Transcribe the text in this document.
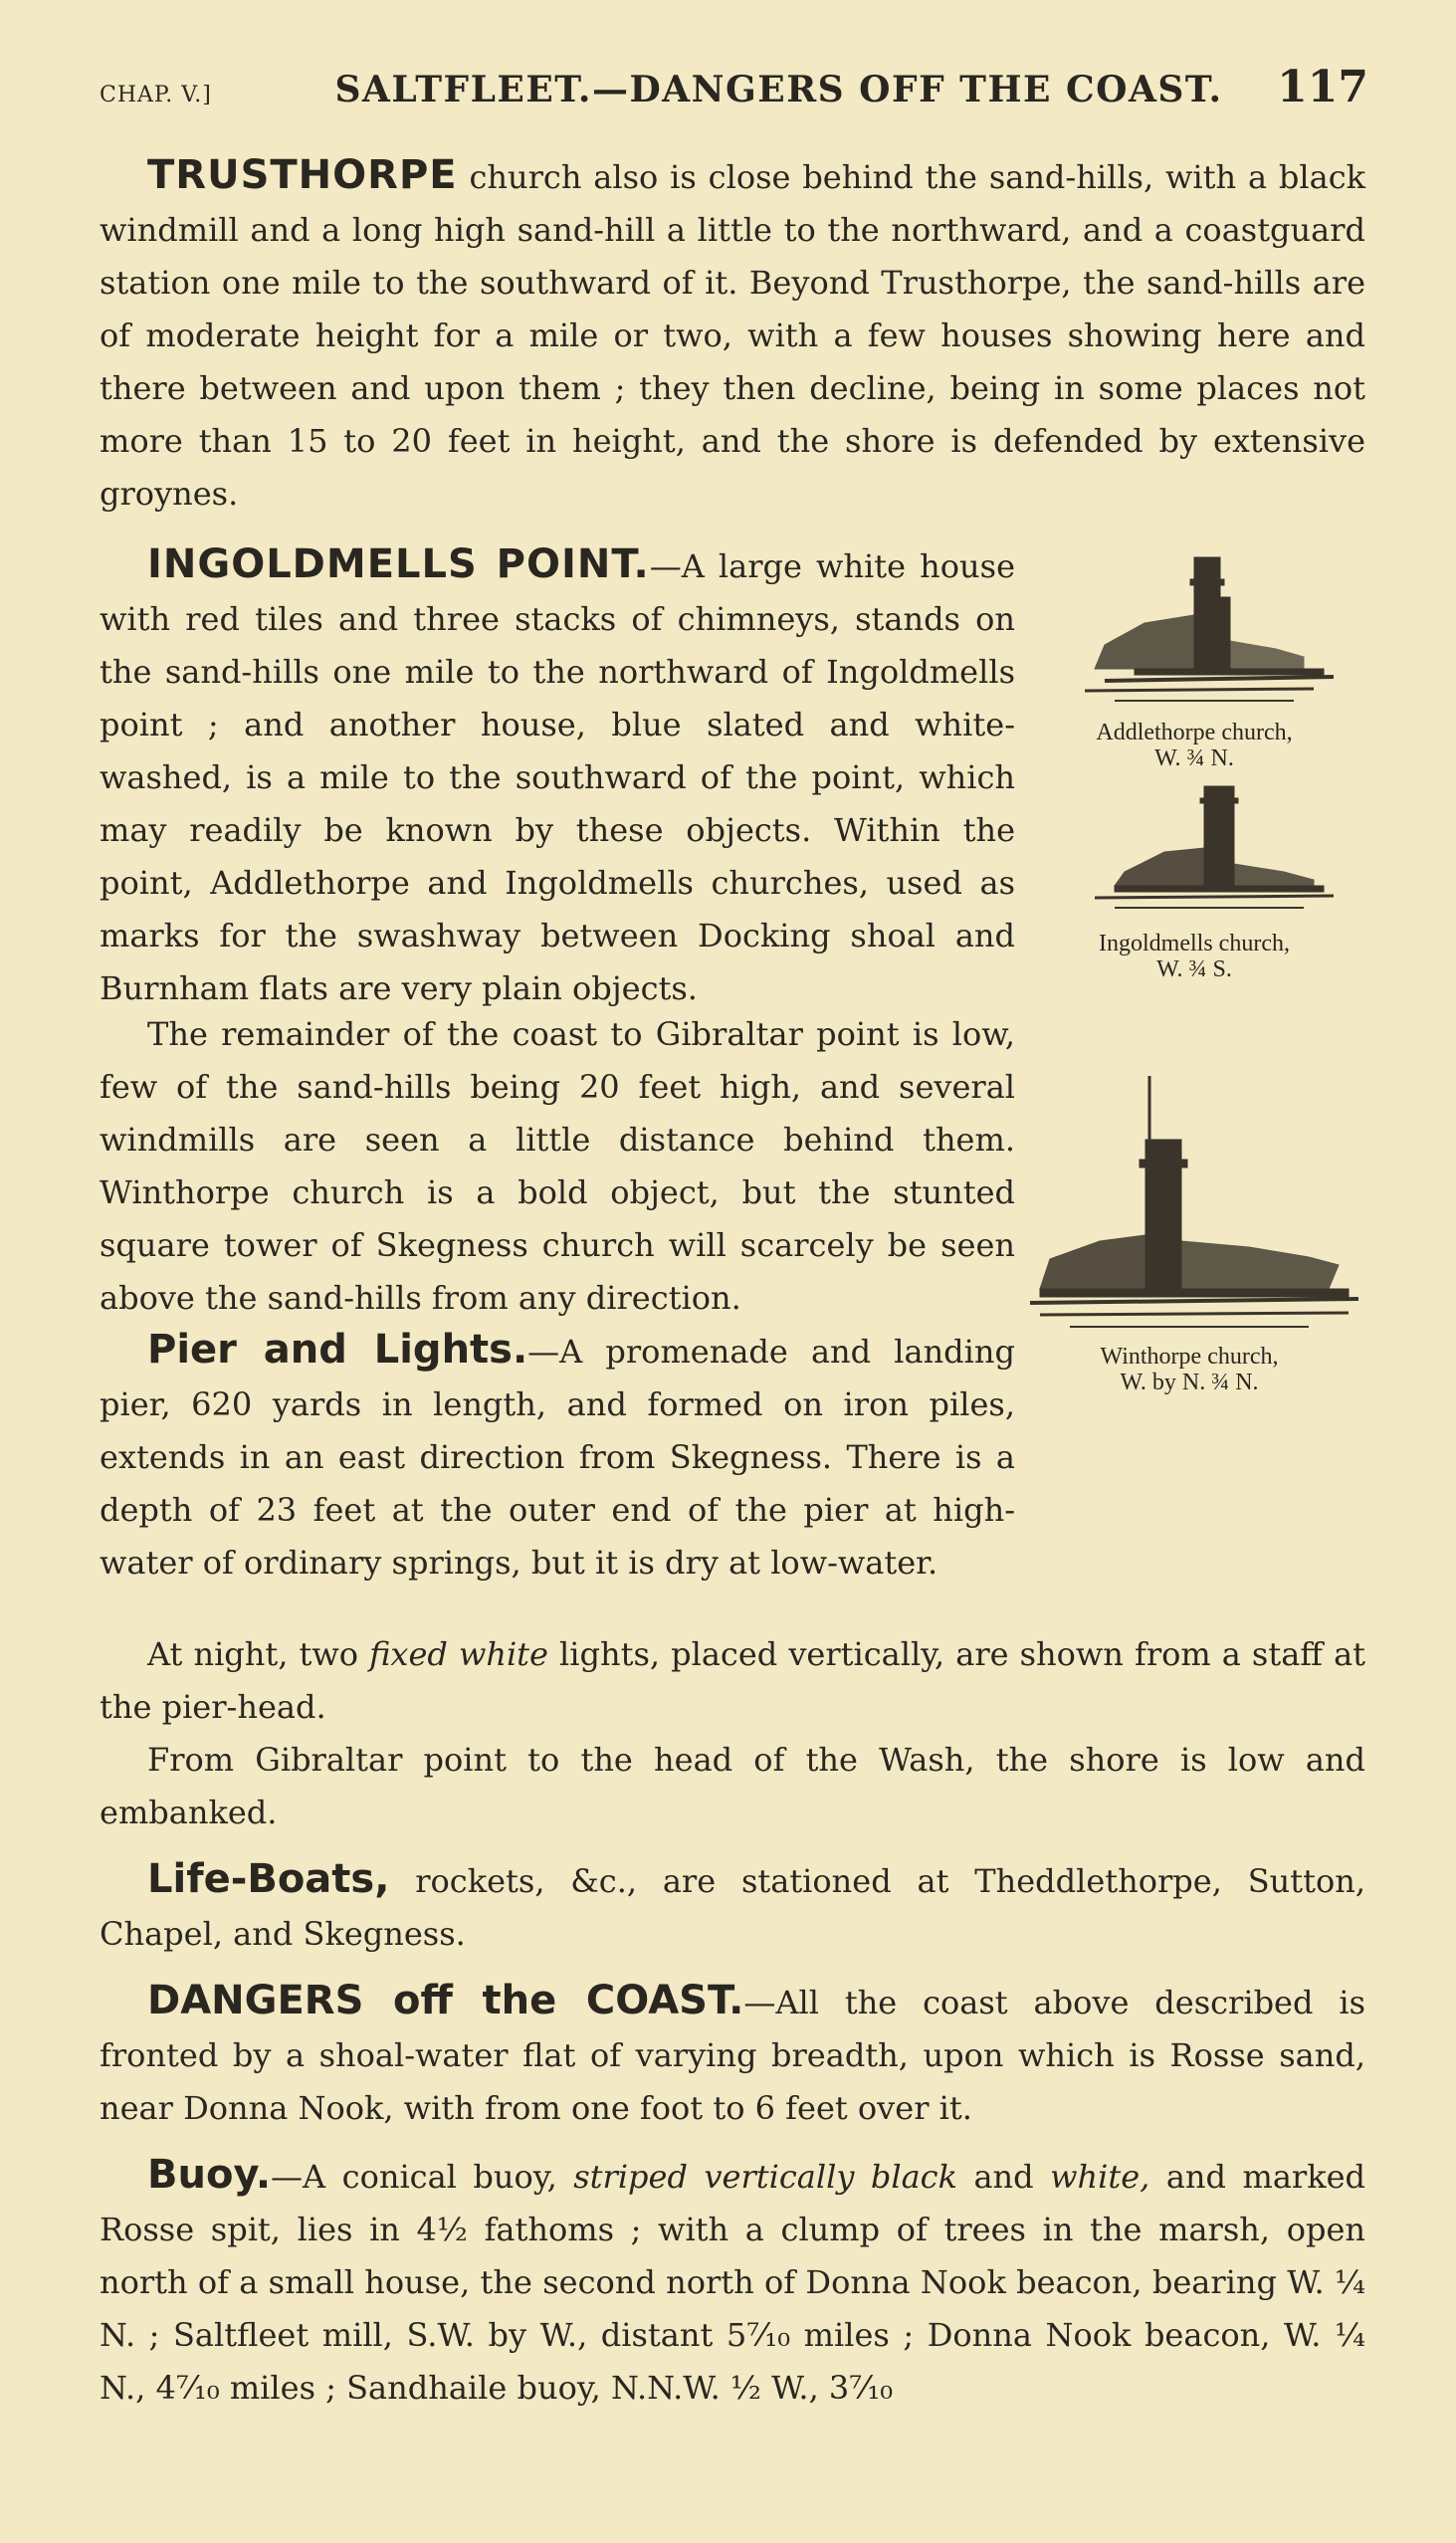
CHAP. V.]	SALTFLEET.—DANGERS OFF THE COAST.	117

TRUSTHORPE church also is close behind the sand-hills, with a black windmill and a long high sand-hill a little to the northward, and a coastguard station one mile to the southward of it. Beyond Trusthorpe, the sand-hills are of moderate height for a mile or two, with a few houses showing here and there between and upon them ; they then decline, being in some places not more than 15 to 20 feet in height, and the shore is defended by extensive groynes.

INGOLDMELLS POINT.—A large white house with red tiles and three stacks of chimneys, stands on the sand-hills one mile to the northward of Ingoldmells point ; and another house, blue slated and white-washed, is a mile to the southward of the point, which may readily be known by these objects. Within the point, Addlethorpe and Ingoldmells churches, used as marks for the swashway between Docking shoal and Burnham flats are very plain objects.

The remainder of the coast to Gibraltar point is low, few of the sand-hills being 20 feet high, and several windmills are seen a little distance behind them. Winthorpe church is a bold object, but the stunted square tower of Skegness church will scarcely be seen above the sand-hills from any direction.

Pier and Lights.—A promenade and landing pier, 620 yards in length, and formed on iron piles, extends in an east direction from Skegness. There is a depth of 23 feet at the outer end of the pier at high-water of ordinary springs, but it is dry at low-water.

At night, two fixed white lights, placed vertically, are shown from a staff at the pier-head.

From Gibraltar point to the head of the Wash, the shore is low and embanked.

Life-Boats, rockets, &c., are stationed at Theddlethorpe, Sutton, Chapel, and Skegness.

DANGERS off the COAST.—All the coast above described is fronted by a shoal-water flat of varying breadth, upon which is Rosse sand, near Donna Nook, with from one foot to 6 feet over it.

Buoy.—A conical buoy, striped vertically black and white, and marked Rosse spit, lies in 4½ fathoms ; with a clump of trees in the marsh, open north of a small house, the second north of Donna Nook beacon, bearing W. ¼ N. ; Saltfleet mill, S.W. by W., distant 5⁷⁄₁₀ miles ; Donna Nook beacon, W. ¼ N., 4⁷⁄₁₀ miles ; Sandhaile buoy, N.N.W. ½ W., 3⁷⁄₁₀

Addlethorpe church,
W. ¾ N.
Ingoldmells church,
W. ¾ S.
Winthorpe church,
W. by N. ¾ N.
